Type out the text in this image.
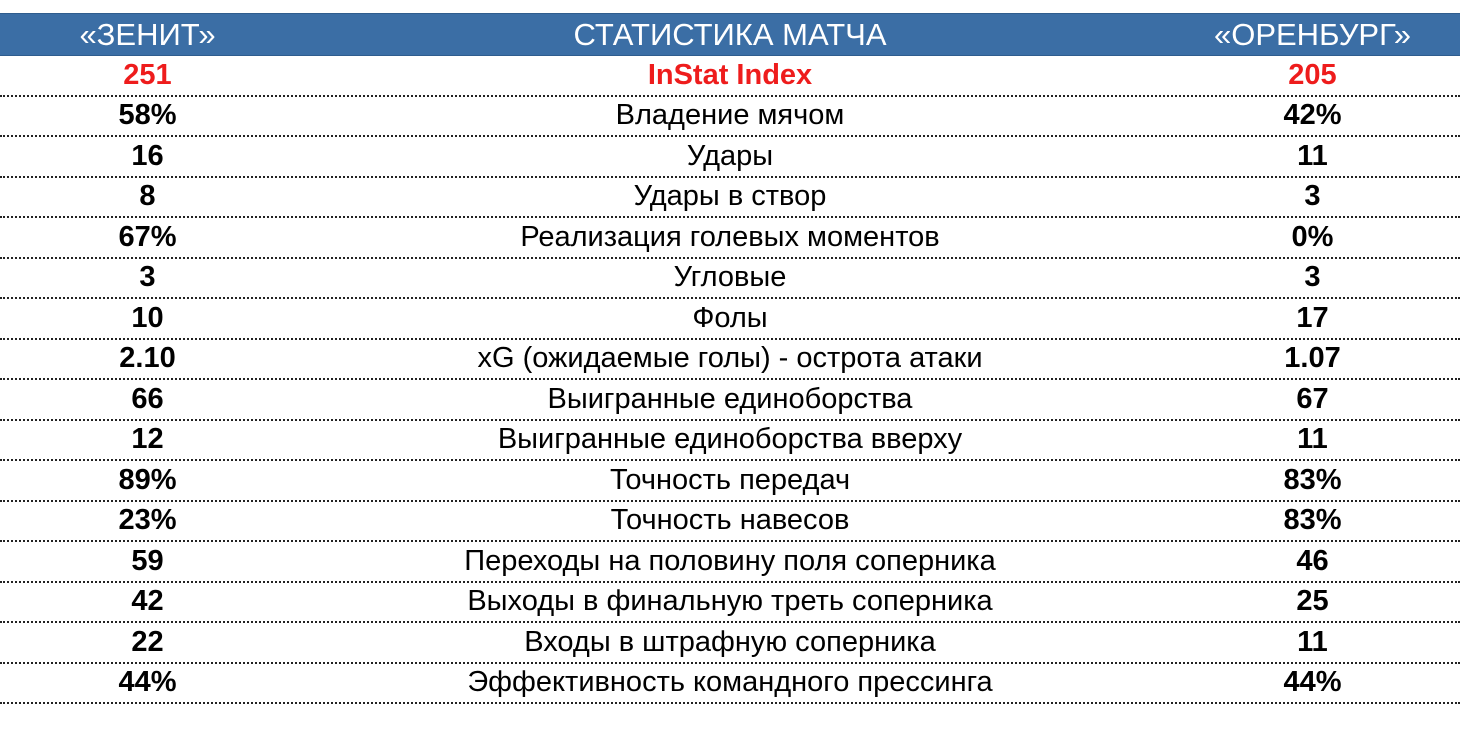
«ЗЕНИТ»	СТАТИСТИКА МАТЧА	«ОРЕНБУРГ»
251	InStat Index	205
58%	Владение мячом	42%
16	Удары	11
8	Удары в створ	3
67%	Реализация голевых моментов	0%
3	Угловые	3
10	Фолы	17
2.10	xG (ожидаемые голы) - острота атаки	1.07
66	Выигранные единоборства	67
12	Выигранные единоборства вверху	11
89%	Точность передач	83%
23%	Точность навесов	83%
59	Переходы на половину поля соперника	46
42	Выходы в финальную треть соперника	25
22	Входы в штрафную соперника	11
44%	Эффективность командного прессинга	44%
